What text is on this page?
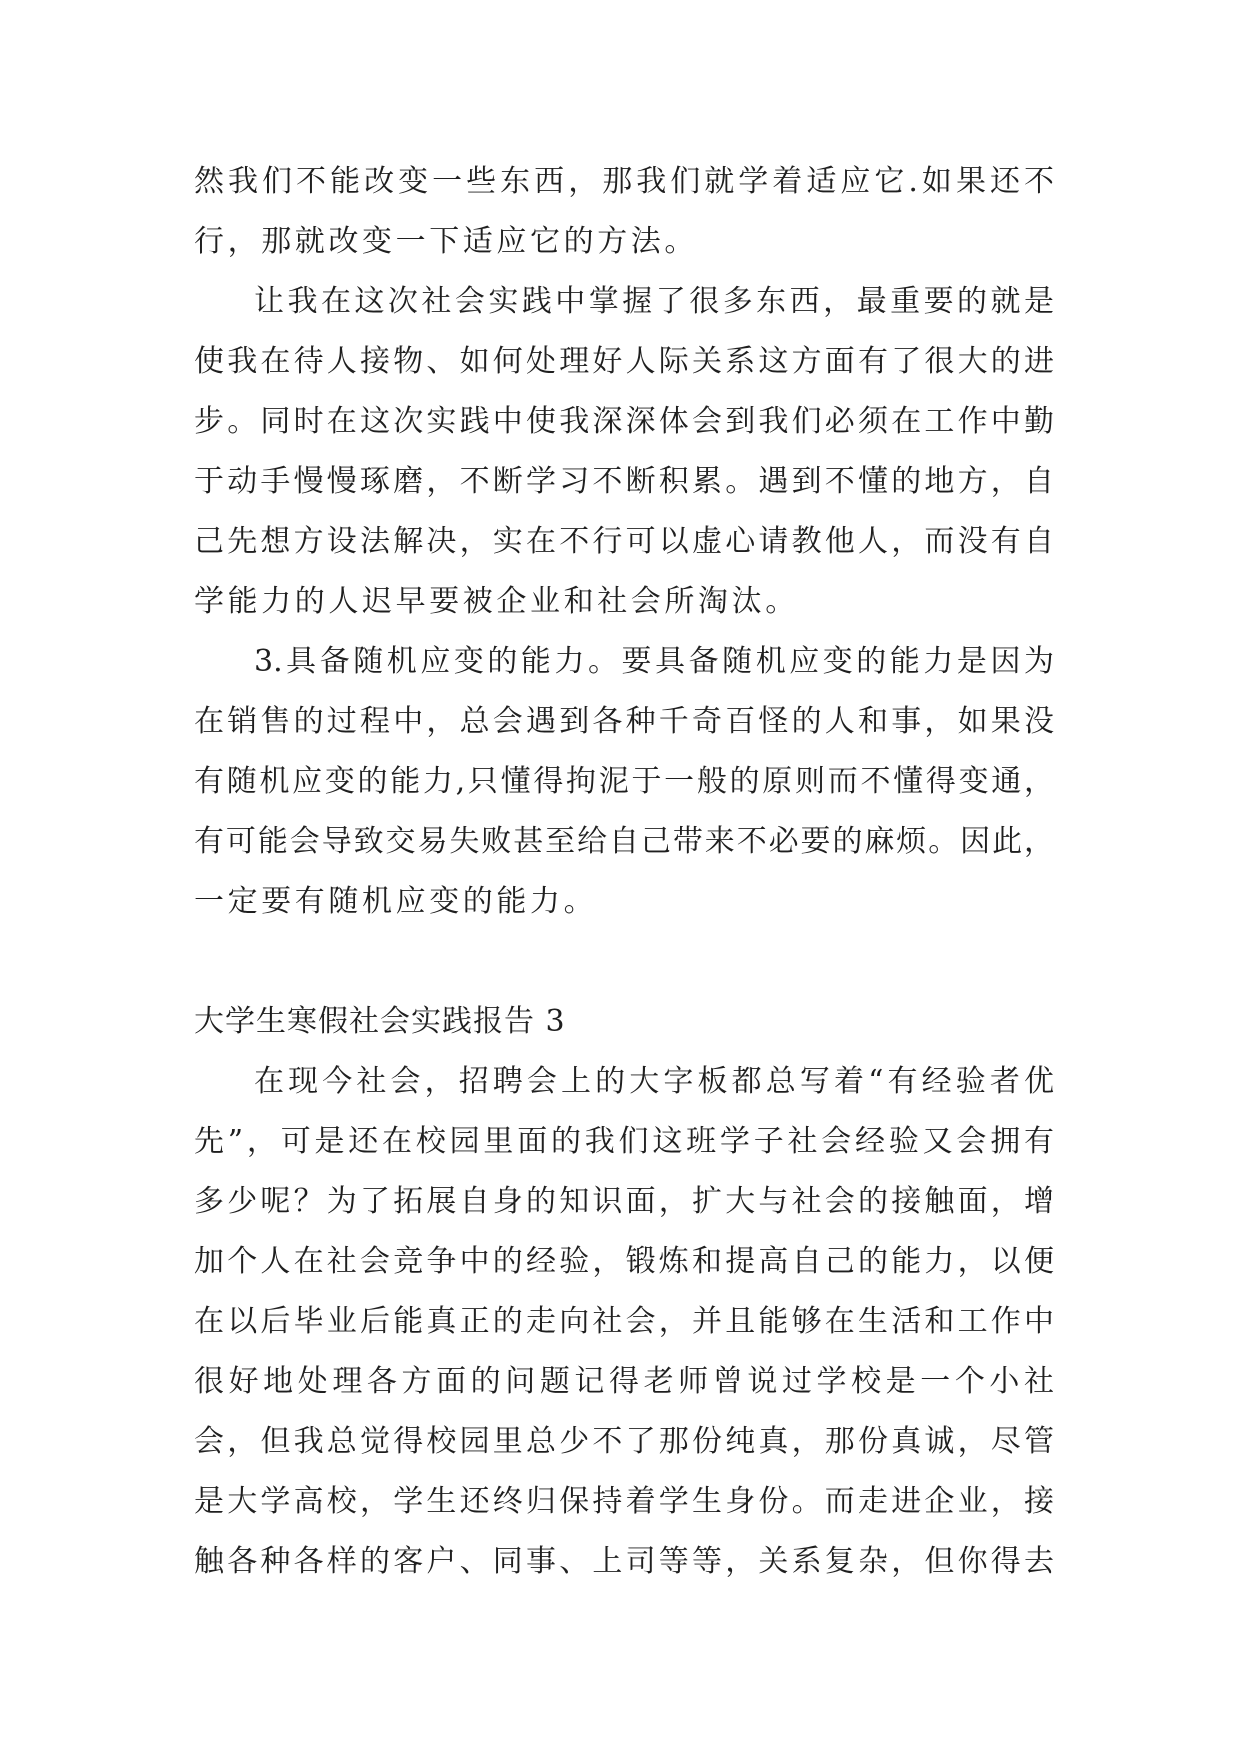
然我们不能改变一些东西，那我们就学着适应它.如果还不
行，那就改变一下适应它的方法。
让我在这次社会实践中掌握了很多东西，最重要的就是
使我在待人接物、如何处理好人际关系这方面有了很大的进
步。同时在这次实践中使我深深体会到我们必须在工作中勤
于动手慢慢琢磨，不断学习不断积累。遇到不懂的地方，自
己先想方设法解决，实在不行可以虚心请教他人，而没有自
学能力的人迟早要被企业和社会所淘汰。
3.具备随机应变的能力。要具备随机应变的能力是因为
在销售的过程中，总会遇到各种千奇百怪的人和事，如果没
有随机应变的能力,只懂得拘泥于一般的原则而不懂得变通，
有可能会导致交易失败甚至给自己带来不必要的麻烦。因此，
一定要有随机应变的能力。
大学生寒假社会实践报告 3
在现今社会，招聘会上的大字板都总写着“有经验者优
先”，可是还在校园里面的我们这班学子社会经验又会拥有
多少呢？为了拓展自身的知识面，扩大与社会的接触面，增
加个人在社会竞争中的经验，锻炼和提高自己的能力，以便
在以后毕业后能真正的走向社会，并且能够在生活和工作中
很好地处理各方面的问题记得老师曾说过学校是一个小社
会，但我总觉得校园里总少不了那份纯真，那份真诚，尽管
是大学高校，学生还终归保持着学生身份。而走进企业，接
触各种各样的客户、同事、上司等等，关系复杂，但你得去
